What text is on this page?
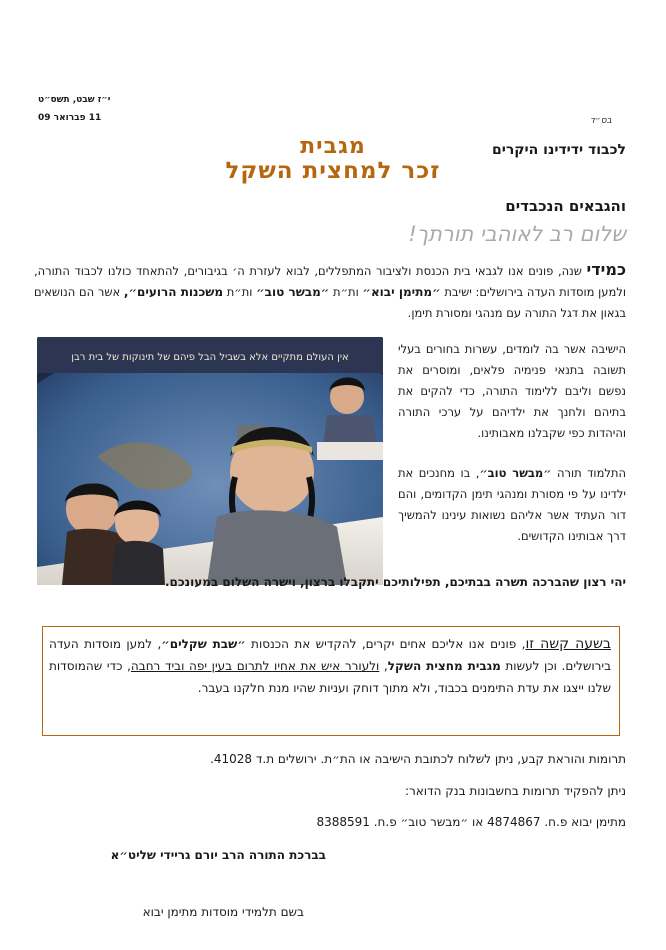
י״ז שבט, תשס״ט
11 פברואר 09	בס״ד
מגבית
זכר למחצית השקל
לכבוד ידידינו היקרים
והגבאים הנכבדים
שלום רב לאוהבי תורתך!
כמידי שנה, פונים אנו לגבאי בית הכנסת ולציבור המתפללים, לבוא לעזרת ה׳ בגיבורים, להתאחד כולנו לכבוד התורה, ולמען מוסדות העדה בירושלים: ישיבת ״מתימן יבוא״ ות״ת ״מבשר טוב״ ות״ת משכנות הרועים״, אשר הם הנושאים בגאון את דגל התורה עם מנהגי ומסורת תימן.
אין העולם מתקיים אלא בשביל הבל פיהם של תינוקות של בית רבן
הישיבה אשר בה לומדים, עשרות בחורים בעלי תשובה בתנאי פנימיה פלאים, ומוסרים את נפשם וליבם ללימוד התורה, כדי להקים את בתיהם ולחנך את ילדיהם על ערכי התורה והיהדות כפי שקבלנו מאבותינו.
התלמוד תורה ״מבשר טוב״, בו מחנכים את ילדינו על פי מסורת ומנהגי תימן הקדומים, והם דור העתיד אשר אליהם נשואות עינינו להמשיך דרך אבותינו הקדושים.
יהי רצון שהברכה תשרה בבתיכם, תפילותיכם יתקבלו ברצון, וישרה השלום במעונכם.
בשעה קשה זו, פונים אנו אליכם אחים יקרים, להקדיש את הכנסות ״שבת שקלים״, למען מוסדות העדה בירושלים. וכן לעשות מגבית מחצית השקל, ולעורר איש את אחיו לתרום בעין יפה וביד רחבה, כדי שהמוסדות שלנו ייצגו את עדת התימנים בכבוד, ולא מתוך דוחק ועניות שהיו מנת חלקנו בעבר.
תרומות והוראת קבע, ניתן לשלוח לכתובת הישיבה או הת״ת. ירושלים ת.ד 41028.
ניתן להפקיד תרומות בחשבונות בנק הדואר:
מתימן יבוא פ.ח. 4874867 או ״מבשר טוב״ פ.ח. 8388591
בברכת התורה הרב יורם גריידי שליט״א
בשם תלמידי מוסדות מתימן יבוא
